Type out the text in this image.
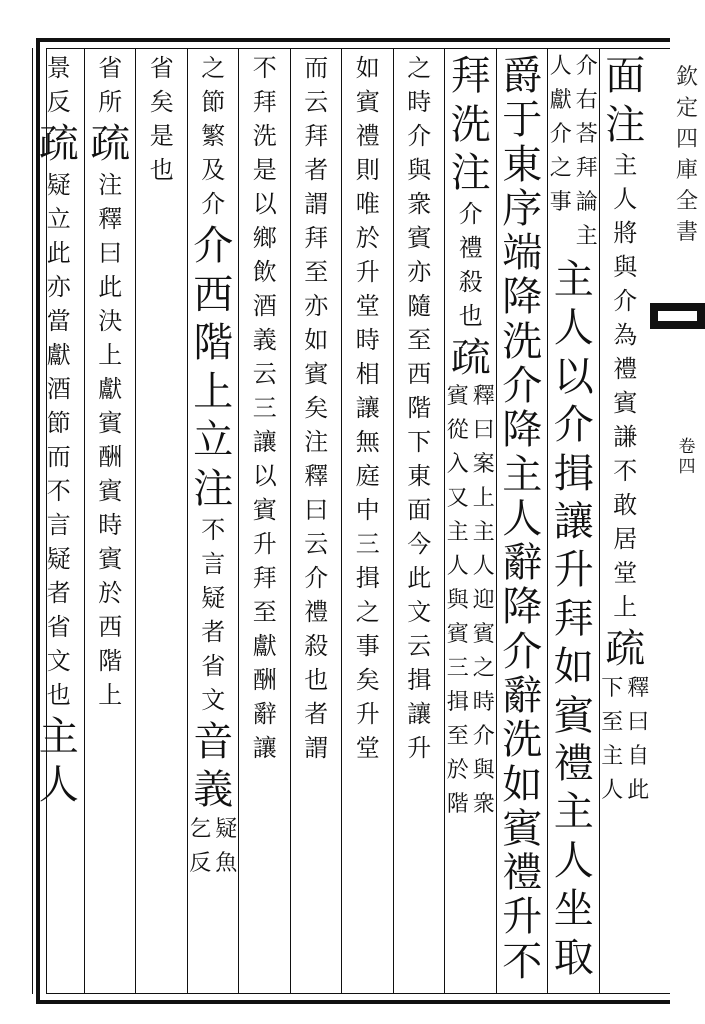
欽
定
四
庫
全
書
卷
四
面
注
主
人
將
與
介
為
禮
賓
謙
不
敢
居
堂
上
疏
釋
曰
自
此
下
至
主
人
介
右
荅
拜
論
主
人
獻
介
之
事
主
人
以
介
揖
讓
升
拜
如
賓
禮
主
人
坐
取
爵
于
東
序
端
降
洗
介
降
主
人
辭
降
介
辭
洗
如
賓
禮
升
不
拜
洗
注
介
禮
殺
也
疏
釋
曰
案
上
主
人
迎
賓
之
時
介
與
衆
賓
從
入
又
主
人
與
賓
三
揖
至
於
階
之
時
介
與
衆
賓
亦
隨
至
西
階
下
東
面
今
此
文
云
揖
讓
升
如
賓
禮
則
唯
於
升
堂
時
相
讓
無
庭
中
三
揖
之
事
矣
升
堂
而
云
拜
者
謂
拜
至
亦
如
賓
矣
注
釋
曰
云
介
禮
殺
也
者
謂
不
拜
洗
是
以
鄉
飲
酒
義
云
三
讓
以
賓
升
拜
至
獻
酬
辭
讓
之
節
繁
及
介
介
西
階
上
立
注
不
言
疑
者
省
文
音
義
疑
魚
乞
反
省
矣
是
也
省
所
疏
注
釋
曰
此
決
上
獻
賓
酬
賓
時
賓
於
西
階
上
景
反
疏
疑
立
此
亦
當
獻
酒
節
而
不
言
疑
者
省
文
也
主
人
